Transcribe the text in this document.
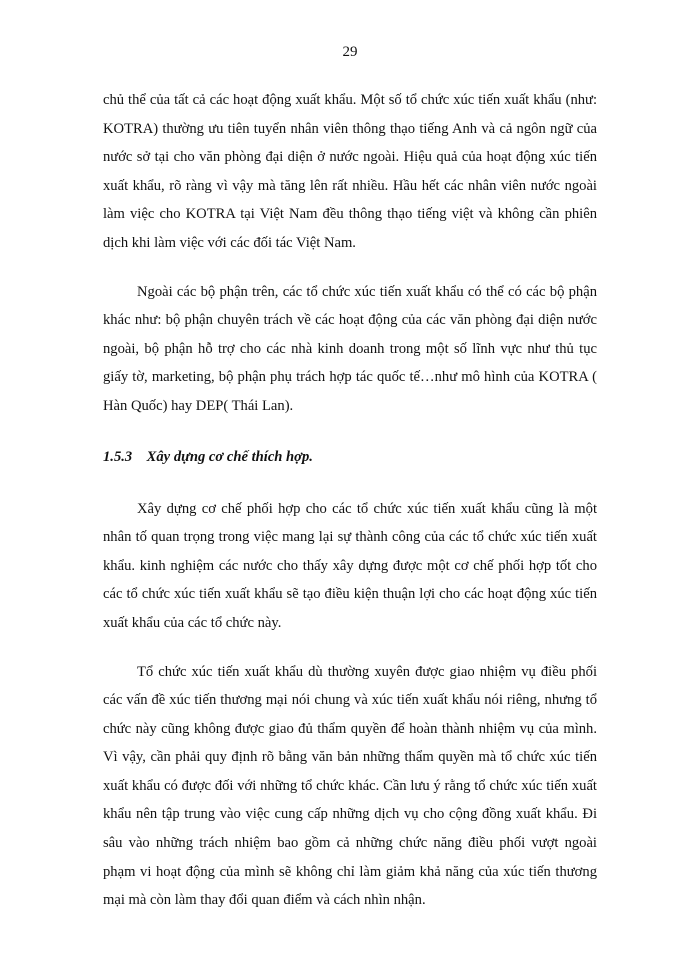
29

chủ thể của tất cả các hoạt động xuất khẩu. Một số tổ chức xúc tiến xuất khẩu (như: KOTRA) thường ưu tiên tuyển nhân viên thông thạo tiếng Anh và cả ngôn ngữ của nước sở tại cho văn phòng đại diện ở nước ngoài. Hiệu quả của hoạt động xúc tiến xuất khẩu, rõ ràng vì vậy mà tăng lên rất nhiều. Hầu hết các nhân viên nước ngoài làm việc cho KOTRA tại Việt Nam đều thông thạo tiếng việt và không cần phiên dịch khi làm việc với các đối tác Việt Nam.

Ngoài các bộ phận trên, các tổ chức xúc tiến xuất khẩu có thể có các bộ phận khác như: bộ phận chuyên trách về các hoạt động của các văn phòng đại diện nước ngoài, bộ phận hỗ trợ cho các nhà kinh doanh trong một số lĩnh vực như thủ tục giấy tờ, marketing, bộ phận phụ trách hợp tác quốc tế…như mô hình của KOTRA ( Hàn Quốc) hay DEP( Thái Lan).

1.5.3 Xây dựng cơ chế thích hợp.

Xây dựng cơ chế phối hợp cho các tổ chức xúc tiến xuất khẩu cũng là một nhân tố quan trọng trong việc mang lại sự thành công của các tổ chức xúc tiến xuất khẩu. kinh nghiệm các nước cho thấy xây dựng được một cơ chế phối hợp tốt cho các tổ chức xúc tiến xuất khẩu sẽ tạo điều kiện thuận lợi cho các hoạt động xúc tiến xuất khẩu của các tổ chức này.

Tổ chức xúc tiến xuất khẩu dù thường xuyên được giao nhiệm vụ điều phối các vấn đề xúc tiến thương mại nói chung và xúc tiến xuất khẩu nói riêng, nhưng tổ chức này cũng không được giao đủ thẩm quyền để hoàn thành nhiệm vụ của mình. Vì vậy, cần phải quy định rõ bằng văn bản những thẩm quyền mà tổ chức xúc tiến xuất khẩu có được đối với những tổ chức khác. Cần lưu ý rằng tổ chức xúc tiến xuất khẩu nên tập trung vào việc cung cấp những dịch vụ cho cộng đồng xuất khẩu. Đi sâu vào những trách nhiệm bao gồm cả những chức năng điều phối vượt ngoài phạm vi hoạt động của mình sẽ không chỉ làm giảm khả năng của xúc tiến thương mại mà còn làm thay đổi quan điểm và cách nhìn nhận.
